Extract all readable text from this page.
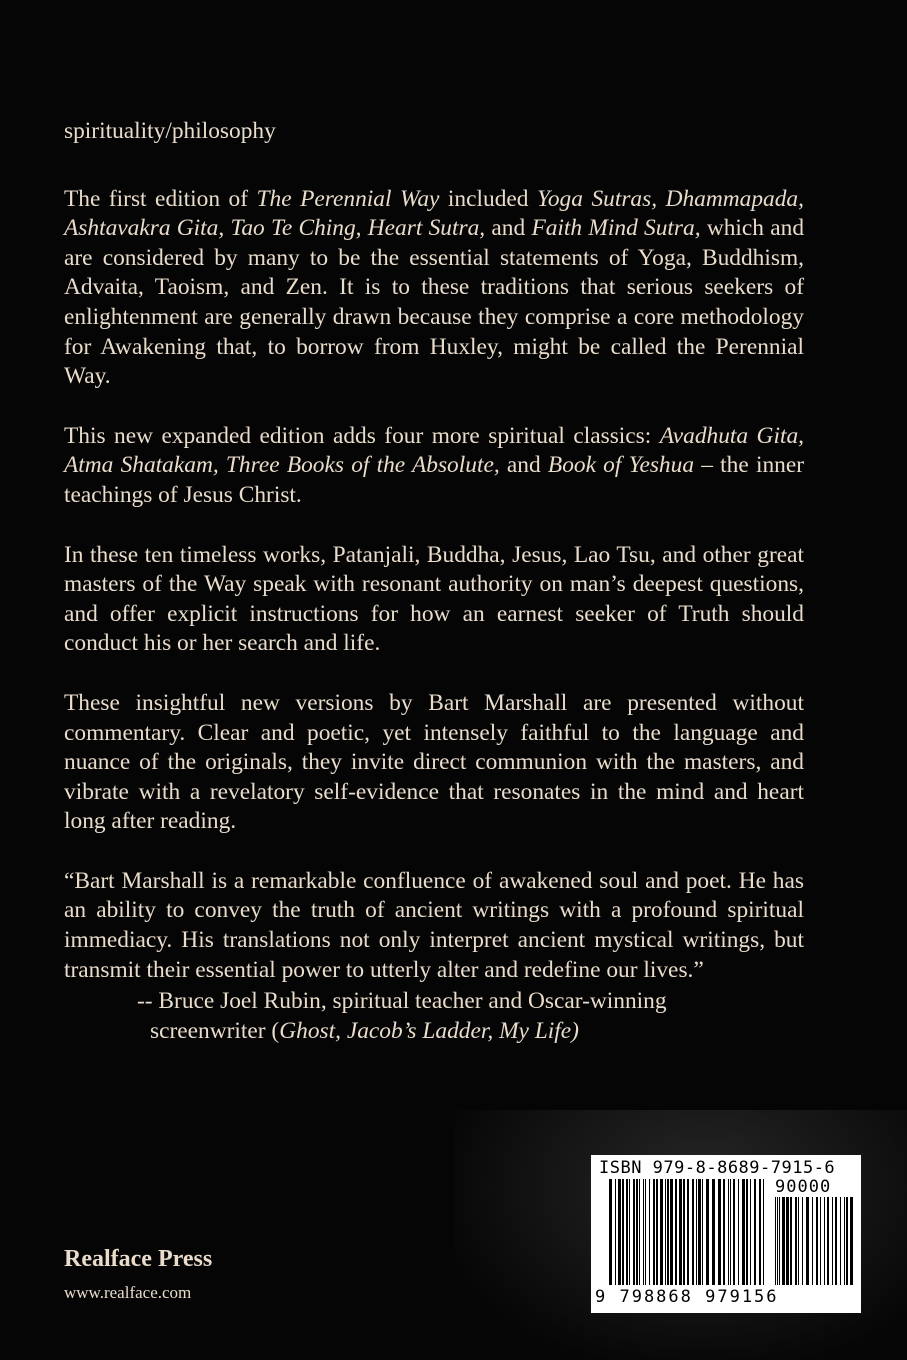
spirituality/philosophy

The first edition of The Perennial Way included Yoga Sutras, Dhammapada, Ashtavakra Gita, Tao Te Ching, Heart Sutra, and Faith Mind Sutra, which and are considered by many to be the essential statements of Yoga, Buddhism, Advaita, Taoism, and Zen. It is to these traditions that serious seekers of enlightenment are generally drawn because they comprise a core methodology for Awakening that, to borrow from Huxley, might be called the Perennial Way.

This new expanded edition adds four more spiritual classics: Avadhuta Gita, Atma Shatakam, Three Books of the Absolute, and Book of Yeshua – the inner teachings of Jesus Christ.

In these ten timeless works, Patanjali, Buddha, Jesus, Lao Tsu, and other great masters of the Way speak with resonant authority on man’s deepest questions, and offer explicit instructions for how an earnest seeker of Truth should conduct his or her search and life.

These insightful new versions by Bart Marshall are presented without commentary. Clear and poetic, yet intensely faithful to the language and nuance of the originals, they invite direct communion with the masters, and vibrate with a revelatory self-evidence that resonates in the mind and heart long after reading.

“Bart Marshall is a remarkable confluence of awakened soul and poet. He has an ability to convey the truth of ancient writings with a profound spiritual immediacy. His translations not only interpret ancient mystical writings, but transmit their essential power to utterly alter and redefine our lives.”

-- Bruce Joel Rubin, spiritual teacher and Oscar-winning
screenwriter (Ghost, Jacob’s Ladder, My Life)
Realface Press
www.realface.com
ISBN 979-8-8689-7915-6
90000
9 798868 979156
